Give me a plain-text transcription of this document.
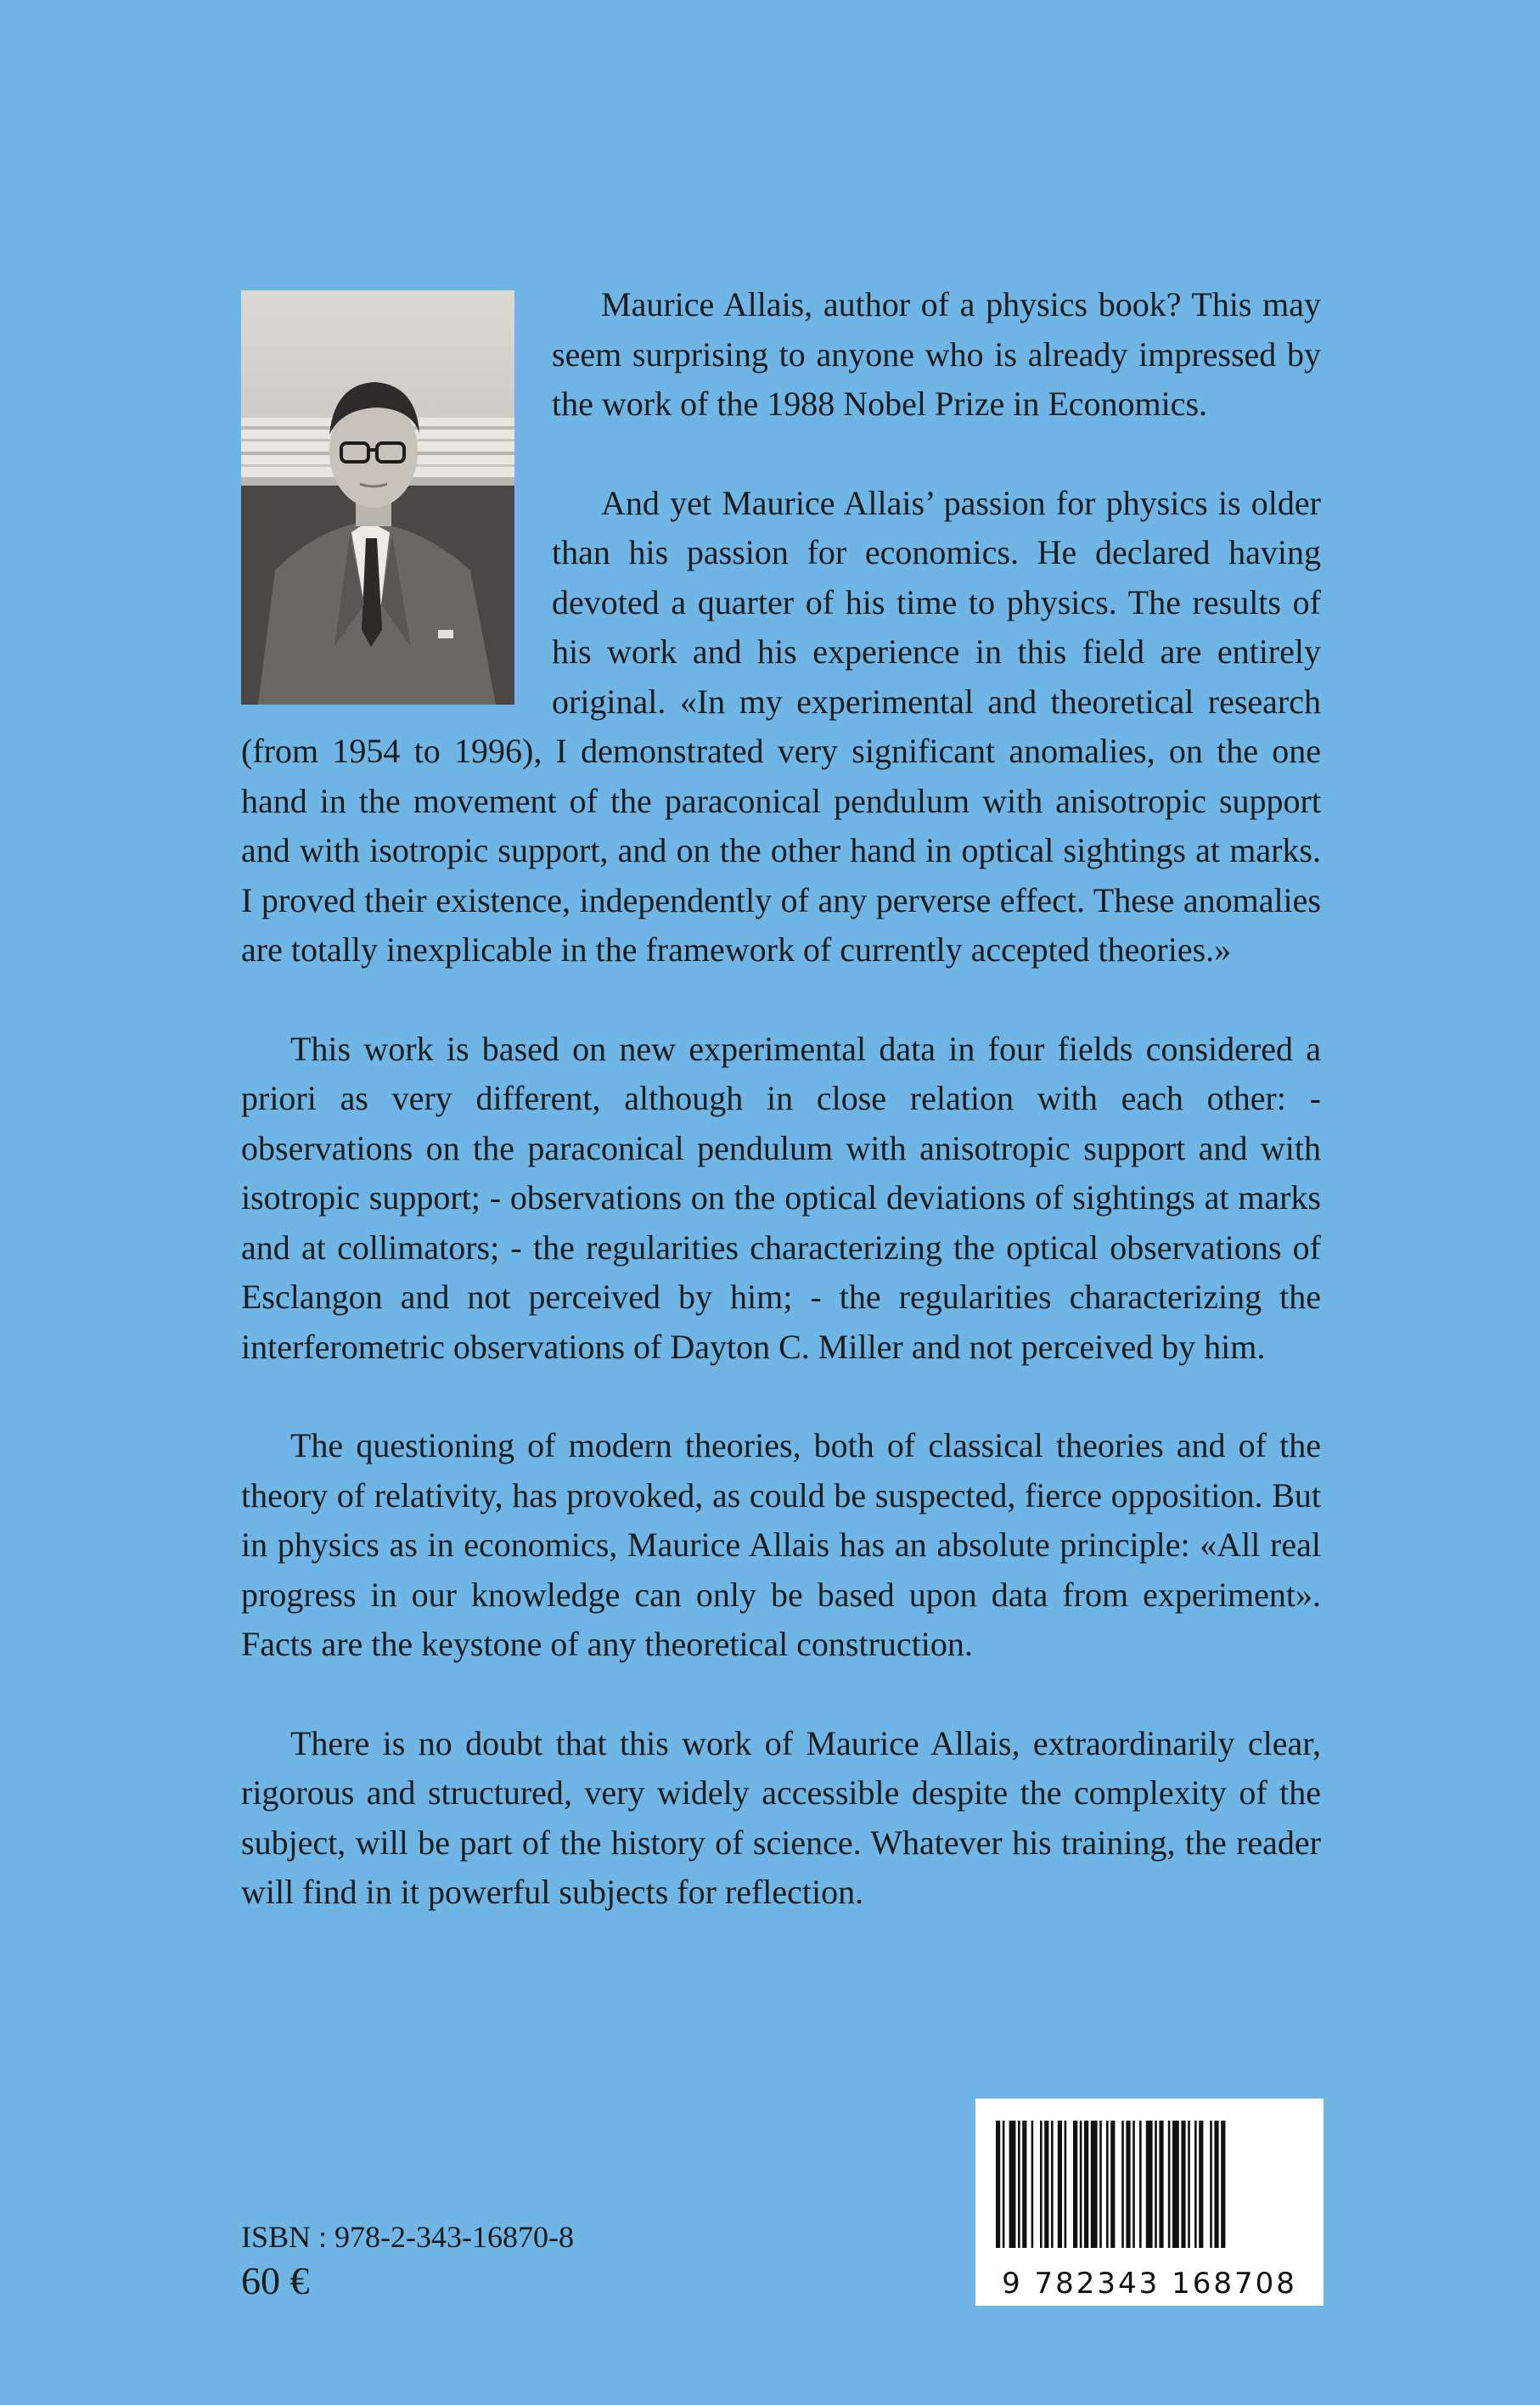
Maurice Allais, author of a physics book? This may seem surprising to anyone who is already impressed by the work of the 1988 Nobel Prize in Economics.

And yet Maurice Allais’ passion for physics is older than his passion for economics. He declared having devoted a quarter of his time to physics. The results of his work and his experience in this field are entirely original. «In my experimental and theoretical research (from 1954 to 1996), I demonstrated very significant anomalies, on the one hand in the movement of the paraconical pendulum with anisotropic support and with isotropic support, and on the other hand in optical sightings at marks. I proved their existence, independently of any perverse effect. These anomalies are totally inexplicable in the framework of currently accepted theories.»

This work is based on new experimental data in four fields considered a priori as very different, although in close relation with each other: - observations on the paraconical pendulum with anisotropic support and with isotropic support; - observations on the optical deviations of sightings at marks and at collimators; - the regularities characterizing the optical observations of Esclangon and not perceived by him; - the regularities characterizing the interferometric observations of Dayton C. Miller and not perceived by him.

The questioning of modern theories, both of classical theories and of the theory of relativity, has provoked, as could be suspected, fierce opposition. But in physics as in economics, Maurice Allais has an absolute principle: «All real progress in our knowledge can only be based upon data from experiment». Facts are the keystone of any theoretical construction.

There is no doubt that this work of Maurice Allais, extraordinarily clear, rigorous and structured, very widely accessible despite the complexity of the subject, will be part of the history of science. Whatever his training, the reader will find in it powerful subjects for reflection.

ISBN : 978-2-343-16870-8
60 €	9 782343 168708
